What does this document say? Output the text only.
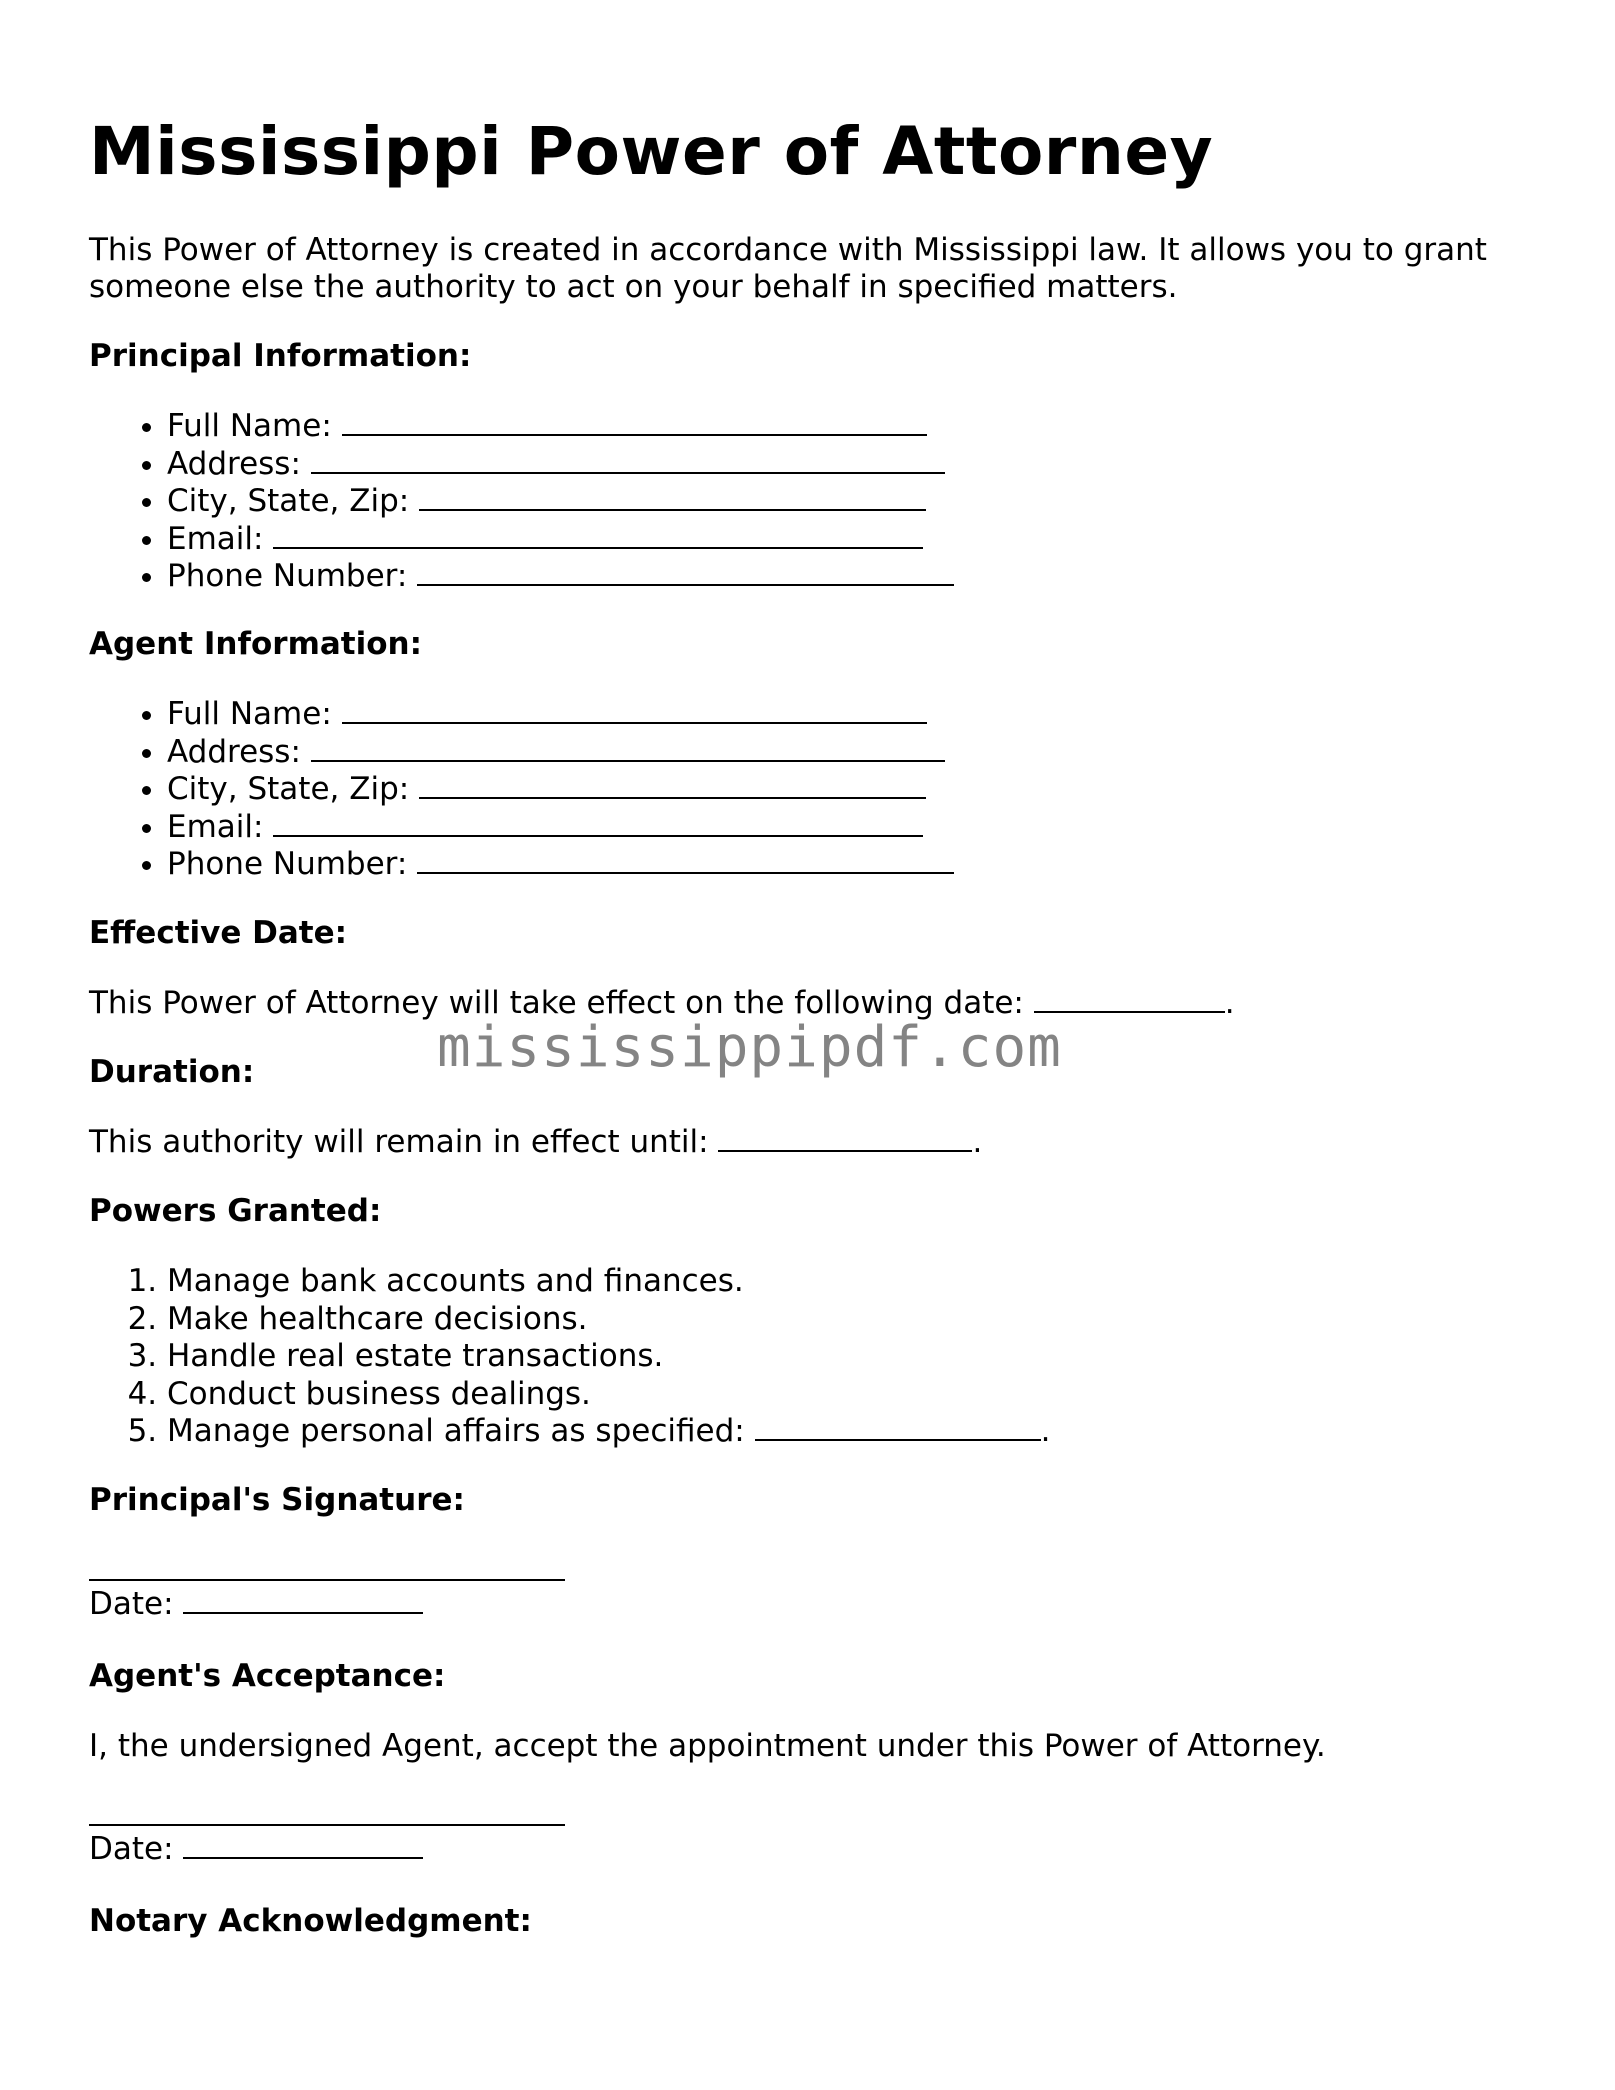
Mississippi Power of Attorney

This Power of Attorney is created in accordance with Mississippi law. It allows you to grant someone else the authority to act on your behalf in specified matters.

Principal Information:

• Full Name:
• Address:
• City, State, Zip:
• Email:
• Phone Number:

Agent Information:

• Full Name:
• Address:
• City, State, Zip:
• Email:
• Phone Number:

Effective Date:

This Power of Attorney will take effect on the following date:	.

Duration:

This authority will remain in effect until:	.

Powers Granted:

1. Manage bank accounts and finances.
2. Make healthcare decisions.
3. Handle real estate transactions.
4. Conduct business dealings.
5. Manage personal affairs as specified:	.

Principal's Signature:

Date:

Agent's Acceptance:

I, the undersigned Agent, accept the appointment under this Power of Attorney.

Date:

Notary Acknowledgment:

mississippipdf.com
